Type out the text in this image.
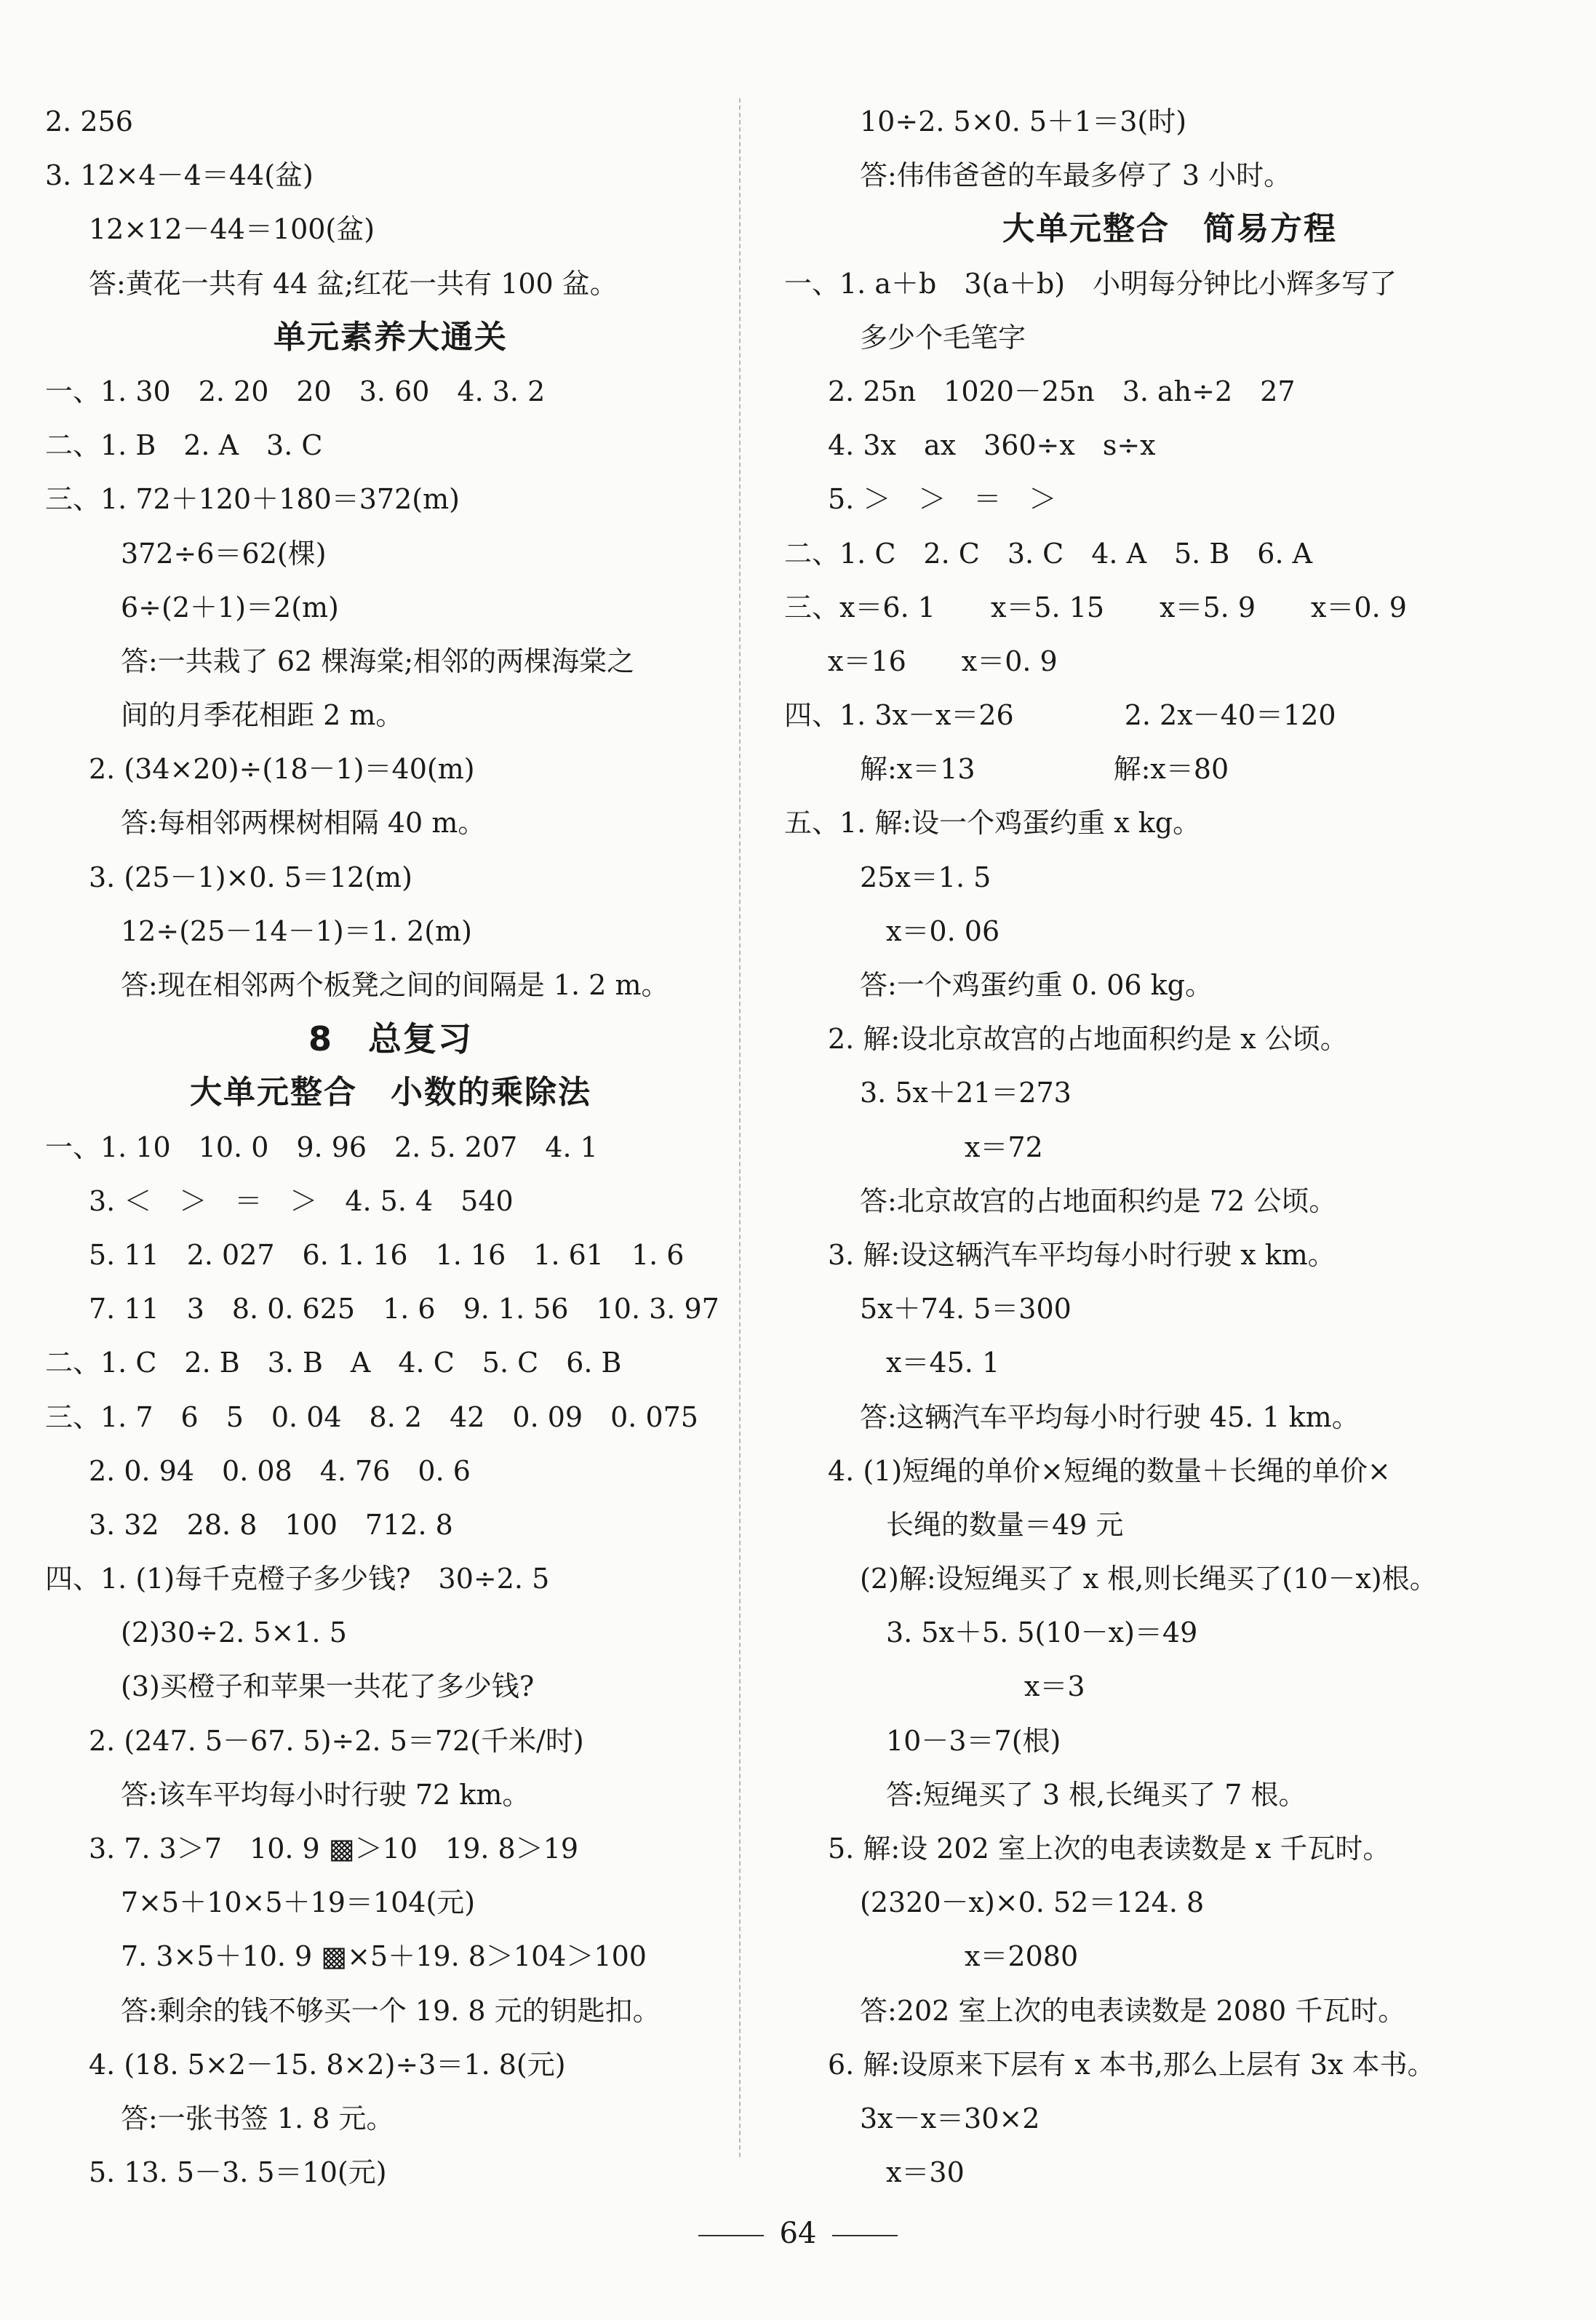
2. 256
3. 12×4－4＝44(盆)
12×12－44＝100(盆)
答:黄花一共有 44 盆;红花一共有 100 盆。
单元素养大通关
一、1. 30　2. 20　20　3. 60　4. 3. 2
二、1. B　2. A　3. C
三、1. 72＋120＋180＝372(m)
372÷6＝62(棵)
6÷(2＋1)＝2(m)
答:一共栽了 62 棵海棠;相邻的两棵海棠之
间的月季花相距 2 m。
2. (34×20)÷(18－1)＝40(m)
答:每相邻两棵树相隔 40 m。
3. (25－1)×0. 5＝12(m)
12÷(25－14－1)＝1. 2(m)
答:现在相邻两个板凳之间的间隔是 1. 2 m。
8　总复习
大单元整合　小数的乘除法
一、1. 10　10. 0　9. 96　2. 5. 207　4. 1
3. ＜　＞　＝　＞　4. 5. 4　540
5. 11　2. 027　6. 1. 16　1. 16　1. 61　1. 6
7. 11　3　8. 0. 625　1. 6　9. 1. 56　10. 3. 97
二、1. C　2. B　3. B　A　4. C　5. C　6. B
三、1. 7　6　5　0. 04　8. 2　42　0. 09　0. 075
2. 0. 94　0. 08　4. 76　0. 6
3. 32　28. 8　100　712. 8
四、1. (1)每千克橙子多少钱?　30÷2. 5
(2)30÷2. 5×1. 5
(3)买橙子和苹果一共花了多少钱?
2. (247. 5－67. 5)÷2. 5＝72(千米/时)
答:该车平均每小时行驶 72 km。
3. 7. 3＞7　10. 9 ▩＞10　19. 8＞19
7×5＋10×5＋19＝104(元)
7. 3×5＋10. 9 ▩×5＋19. 8＞104＞100
答:剩余的钱不够买一个 19. 8 元的钥匙扣。
4. (18. 5×2－15. 8×2)÷3＝1. 8(元)
答:一张书签 1. 8 元。
5. 13. 5－3. 5＝10(元)
10÷2. 5×0. 5＋1＝3(时)
答:伟伟爸爸的车最多停了 3 小时。
大单元整合　简易方程
一、1. a＋b　3(a＋b)　小明每分钟比小辉多写了
多少个毛笔字
2. 25n　1020－25n　3. ah÷2　27
4. 3x　ax　360÷x　s÷x
5. ＞　＞　＝　＞
二、1. C　2. C　3. C　4. A　5. B　6. A
三、x＝6. 1　　x＝5. 15　　x＝5. 9　　x＝0. 9
x＝16　　x＝0. 9
四、1. 3x－x＝26　　　　2. 2x－40＝120
解:x＝13　　　　　解:x＝80
五、1. 解:设一个鸡蛋约重 x kg。
25x＝1. 5
x＝0. 06
答:一个鸡蛋约重 0. 06 kg。
2. 解:设北京故宫的占地面积约是 x 公顷。
3. 5x＋21＝273
x＝72
答:北京故宫的占地面积约是 72 公顷。
3. 解:设这辆汽车平均每小时行驶 x km。
5x＋74. 5＝300
x＝45. 1
答:这辆汽车平均每小时行驶 45. 1 km。
4. (1)短绳的单价×短绳的数量＋长绳的单价×
长绳的数量＝49 元
(2)解:设短绳买了 x 根,则长绳买了(10－x)根。
3. 5x＋5. 5(10－x)＝49
x＝3
10－3＝7(根)
答:短绳买了 3 根,长绳买了 7 根。
5. 解:设 202 室上次的电表读数是 x 千瓦时。
(2320－x)×0. 52＝124. 8
x＝2080
答:202 室上次的电表读数是 2080 千瓦时。
6. 解:设原来下层有 x 本书,那么上层有 3x 本书。
3x－x＝30×2
x＝30
64
